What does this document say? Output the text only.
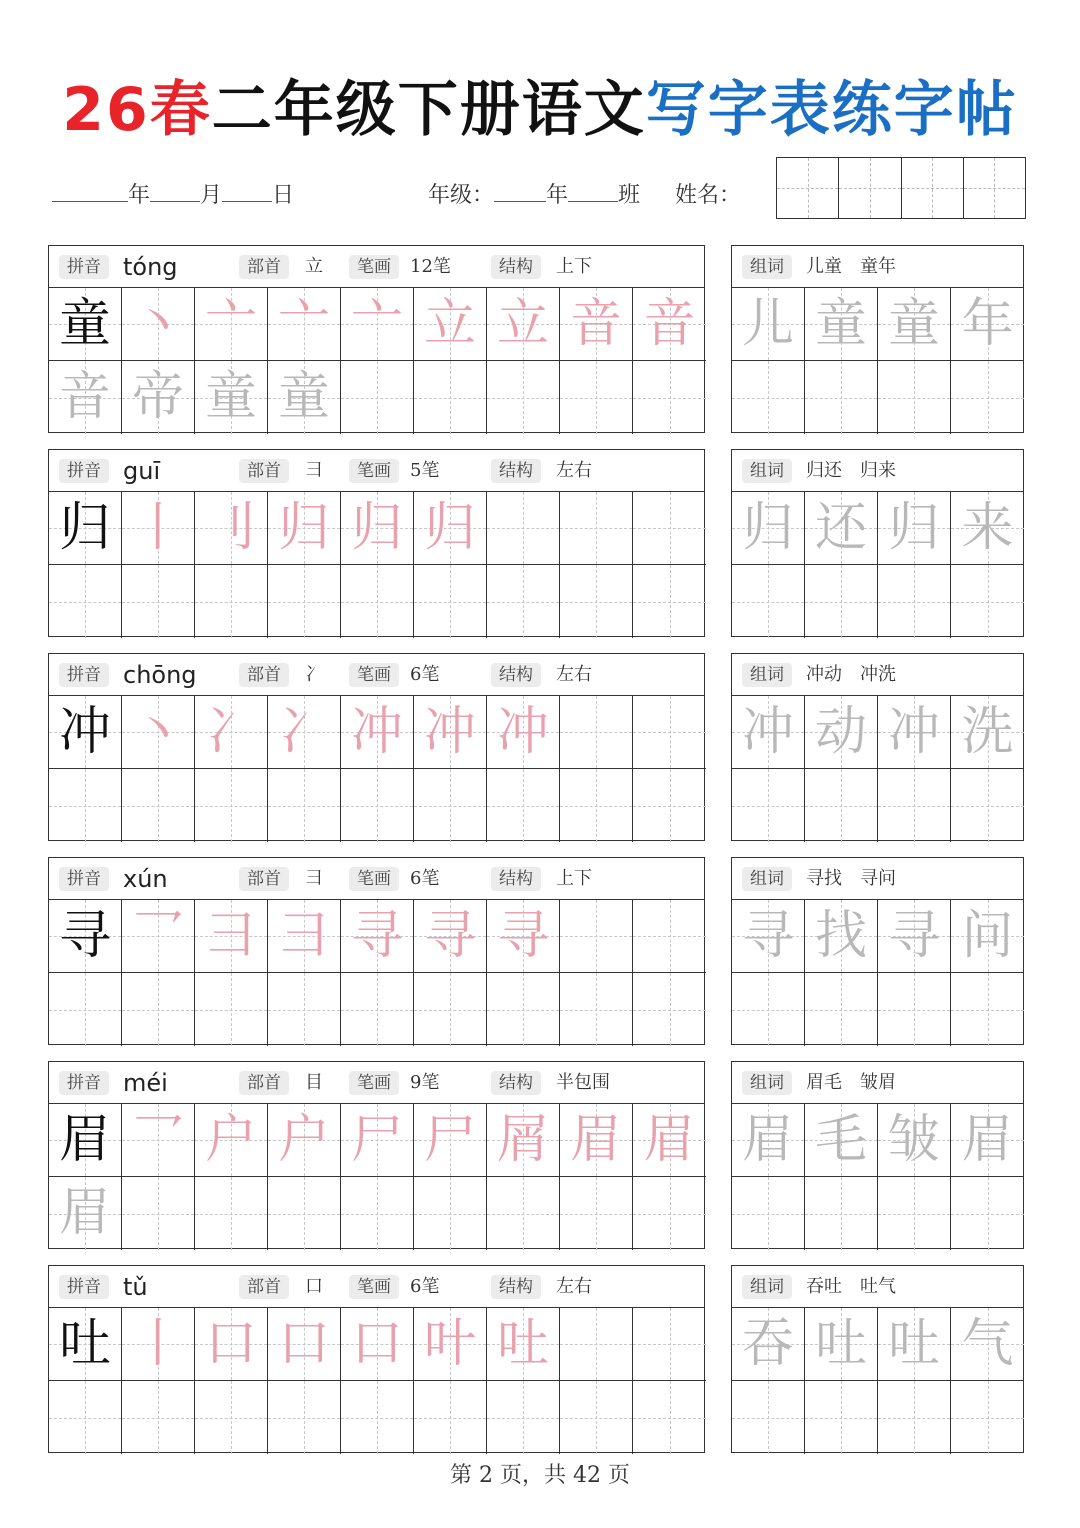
26春二年级下册语文写字表练字帖
年 月 日	年级： 年 班 姓名：
拼音 tóng	部首	立	笔画	12笔	结构	上下
童 丶 亠 亠 亠 立 立 音 音
音 帝 童 童
组词	儿童　童年
儿 童 童 年
拼音 guī	部首	彐	笔画	5笔	结构	左右
归 丨 刂 归 归 归
组词	归还　归来
归 还 归 来
拼音 chōng	部首	冫	笔画	6笔	结构	左右
冲 丶 冫 冫 冲 冲 冲
组词	冲动　冲洗
冲 动 冲 洗
拼音 xún	部首	彐	笔画	6笔	结构	上下
寻 乛 彐 彐 寻 寻 寻
组词	寻找　寻问
寻 找 寻 问
拼音 méi	部首	目	笔画	9笔	结构	半包围
眉 乛 户 户 尸 尸 屑 眉 眉
眉
组词	眉毛　皱眉
眉 毛 皱 眉
拼音 tǔ	部首	口	笔画	6笔	结构	左右
吐 丨 口 口 口 叶 吐
组词	吞吐　吐气
吞 吐 吐 气
第 2 页，共 42 页
